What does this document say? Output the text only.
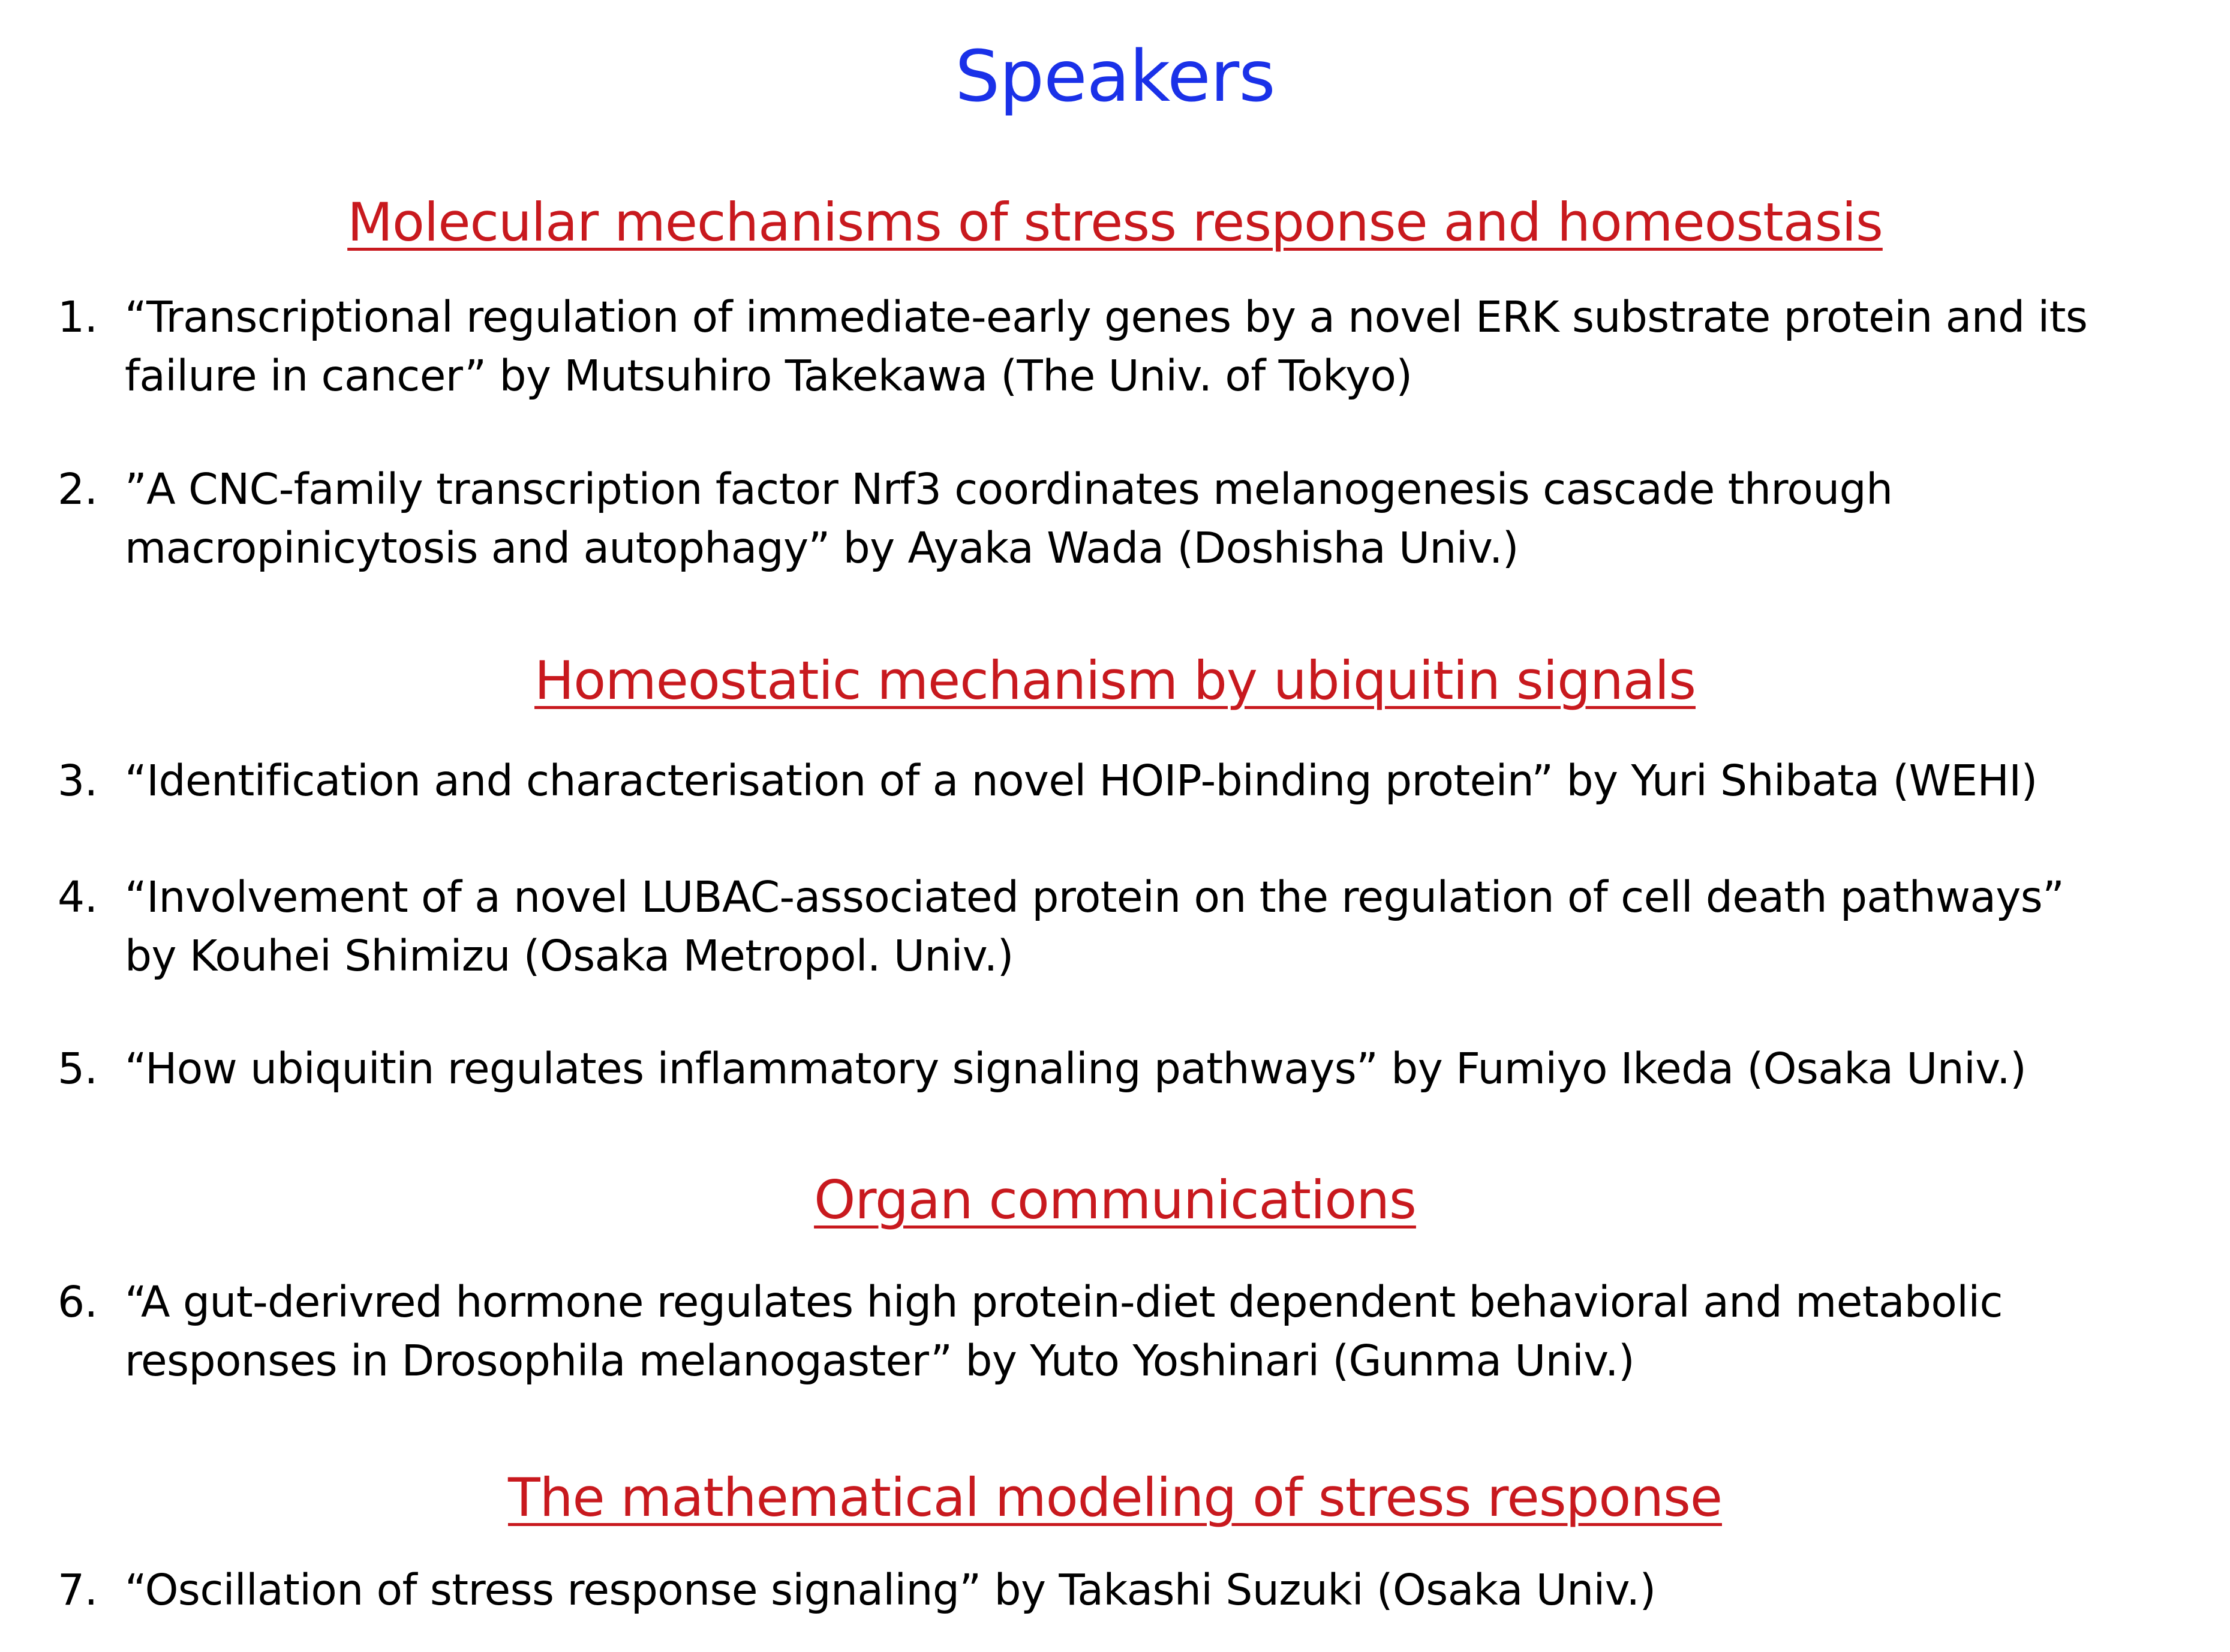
Speakers
Molecular mechanisms of stress response and homeostasis
1. “Transcriptional regulation of immediate-early genes by a novel ERK substrate protein and its
failure in cancer” by Mutsuhiro Takekawa (The Univ. of Tokyo)
2. ”A CNC-family transcription factor Nrf3 coordinates melanogenesis cascade through
macropinicytosis and autophagy” by Ayaka Wada (Doshisha Univ.)
Homeostatic mechanism by ubiquitin signals
3. “Identification and characterisation of a novel HOIP-binding protein” by Yuri Shibata (WEHI)
4. “Involvement of a novel LUBAC-associated protein on the regulation of cell death pathways”
by Kouhei Shimizu (Osaka Metropol. Univ.)
5. “How ubiquitin regulates inflammatory signaling pathways” by Fumiyo Ikeda (Osaka Univ.)
Organ communications
6. “A gut-derivred hormone regulates high protein-diet dependent behavioral and metabolic
responses in Drosophila melanogaster” by Yuto Yoshinari (Gunma Univ.)
The mathematical modeling of stress response
7. “Oscillation of stress response signaling” by Takashi Suzuki (Osaka Univ.)
